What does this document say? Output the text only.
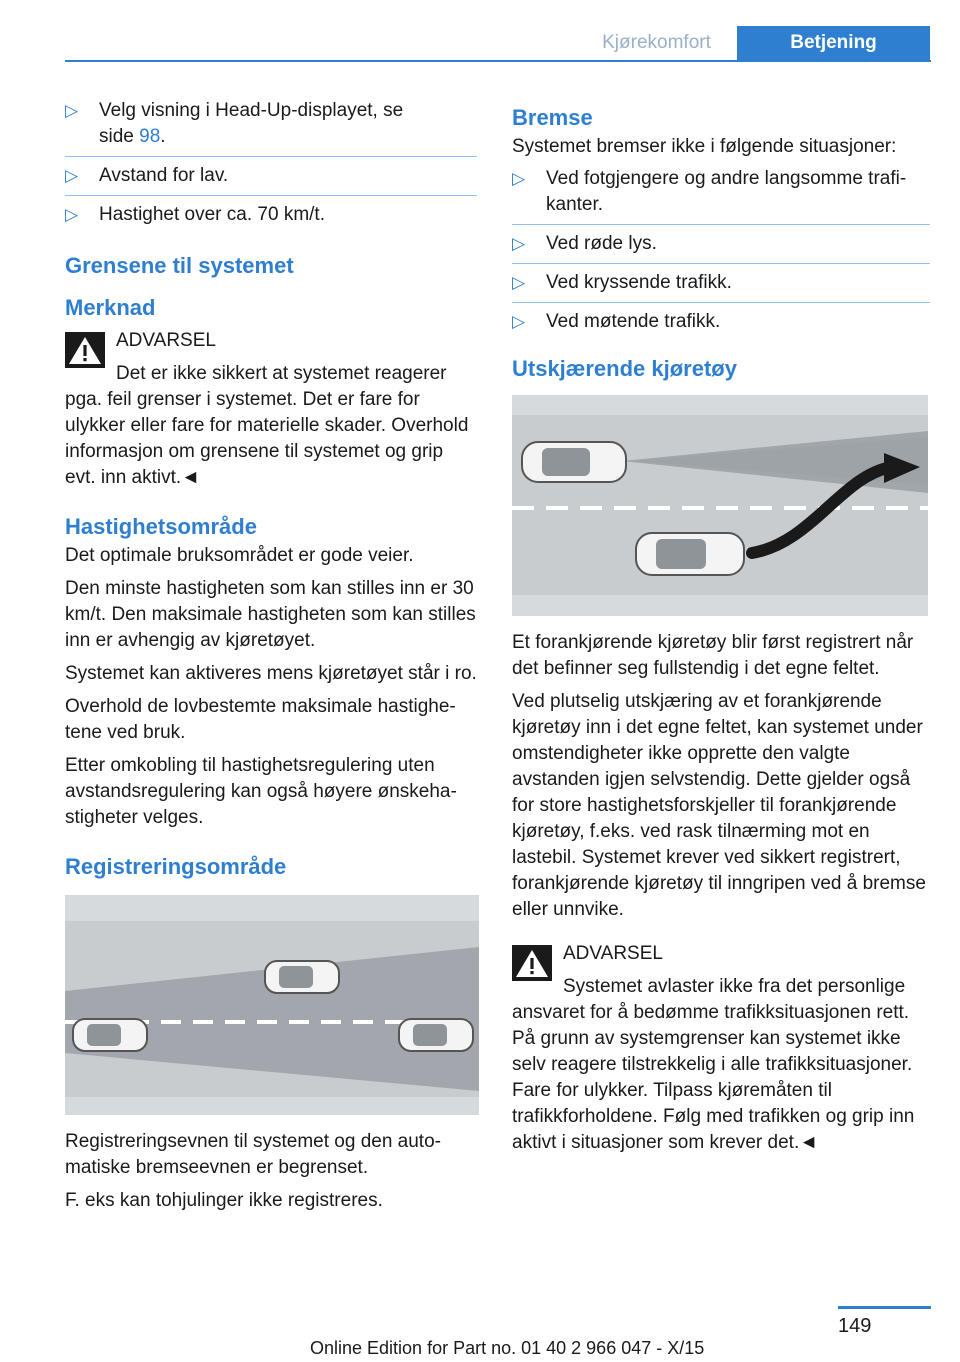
Kjørekomfort	Betjening
▷ Velg visning i Head-Up-displayet, se
side 98.
▷ Avstand for lav.
▷ Hastighet over ca. 70 km/t.
Grensene til systemet
Merknad

ADVARSEL

Det er ikke sikkert at systemet reagerer

pga. feil grenser i systemet. Det er fare for ulykker eller fare for materielle skader. Overhold informasjon om grensene til systemet og grip evt. inn aktivt.◄

Hastighetsområde

Det optimale bruksområdet er gode veier.

Den minste hastigheten som kan stilles inn er 30 km/t. Den maksimale hastigheten som kan stilles inn er avhengig av kjøretøyet.

Systemet kan aktiveres mens kjøretøyet står i ro.

Overhold de lovbestemte maksimale hastighetene ved bruk.

Etter omkobling til hastighetsregulering uten avstandsregulering kan også høyere ønskehastigheter velges.

Registreringsområde

Registreringsevnen til systemet og den automatiske bremseevnen er begrenset.

F. eks kan tohjulinger ikke registreres.

Bremse

Systemet bremser ikke i følgende situasjoner:

▷ Ved fotgjengere og andre langsomme trafikanter.
▷ Ved røde lys.
▷ Ved kryssende trafikk.
▷ Ved møtende trafikk.
Utskjærende kjøretøy

Et forankjørende kjøretøy blir først registrert når det befinner seg fullstendig i det egne feltet.

Ved plutselig utskjæring av et forankjørende kjøretøy inn i det egne feltet, kan systemet under omstendigheter ikke opprette den valgte avstanden igjen selvstendig. Dette gjelder også for store hastighetsforskjeller til forankjørende kjøretøy, f.eks. ved rask tilnærming mot en lastebil. Systemet krever ved sikkert registrert, forankjørende kjøretøy til inngripen ved å bremse eller unnvike.

ADVARSEL

Systemet avlaster ikke fra det personlige

ansvaret for å bedømme trafikksituasjonen rett. På grunn av systemgrenser kan systemet ikke selv reagere tilstrekkelig i alle trafikksituasjoner. Fare for ulykker. Tilpass kjøremåten til trafikkforholdene. Følg med trafikken og grip inn aktivt i situasjoner som krever det.◄

149
Online Edition for Part no. 01 40 2 966 047 - X/15
